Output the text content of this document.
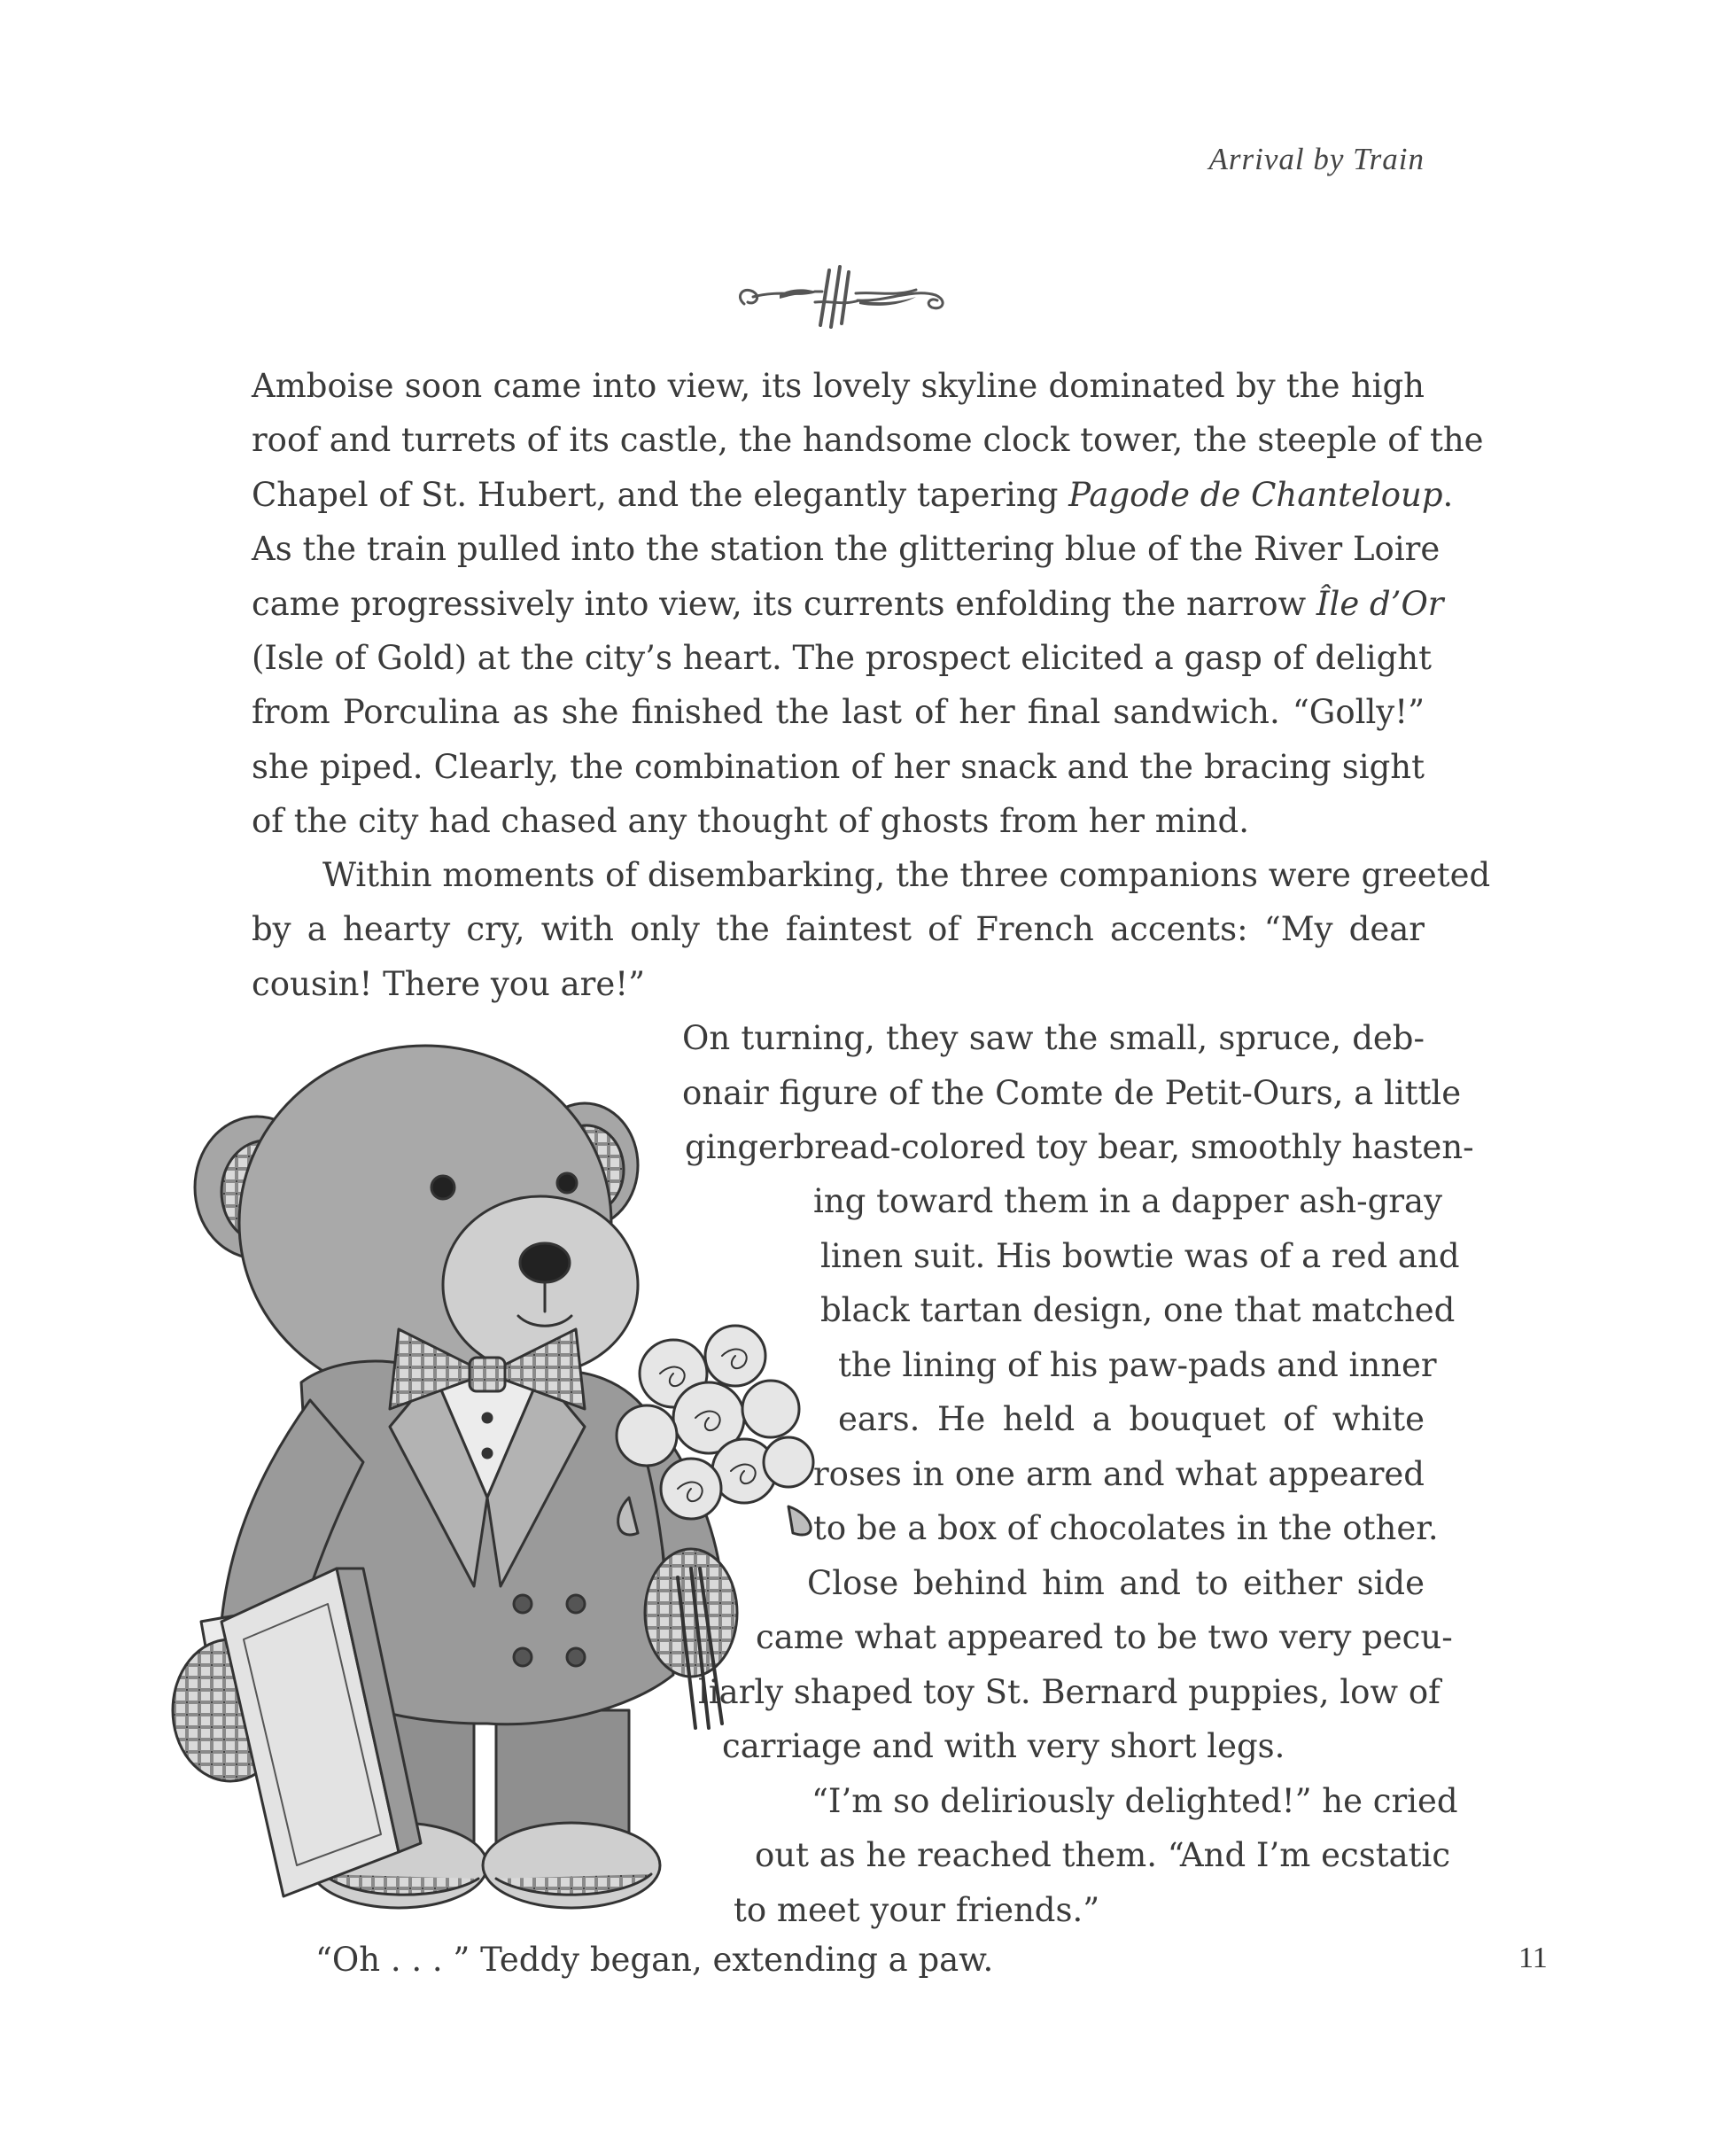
Arrival by Train
Amboise soon came into view, its lovely skyline dominated by the high
roof and turrets of its castle, the handsome clock tower, the steeple of the
Chapel of St. Hubert, and the elegantly tapering Pagode de Chanteloup.
As the train pulled into the station the glittering blue of the River Loire
came progressively into view, its currents enfolding the narrow Île d’Or
(Isle of Gold) at the city’s heart. The prospect elicited a gasp of delight
from Porculina as she finished the last of her final sandwich. “Golly!”
she piped. Clearly, the combination of her snack and the bracing sight
of the city had chased any thought of ghosts from her mind.
Within moments of disembarking, the three companions were greeted
by a hearty cry, with only the faintest of French accents: “My dear
cousin! There you are!”
On turning, they saw the small, spruce, deb-
onair figure of the Comte de Petit-Ours, a little
gingerbread-colored toy bear, smoothly hasten-
ing toward them in a dapper ash-gray
linen suit. His bowtie was of a red and
black tartan design, one that matched
the lining of his paw-pads and inner
ears. He held a bouquet of white
roses in one arm and what appeared
to be a box of chocolates in the other.
Close behind him and to either side
came what appeared to be two very pecu-
liarly shaped toy St. Bernard puppies, low of
carriage and with very short legs.
“I’m so deliriously delighted!” he cried
out as he reached them. “And I’m ecstatic
to meet your friends.”
“Oh . . . ” Teddy began, extending a paw.	11
